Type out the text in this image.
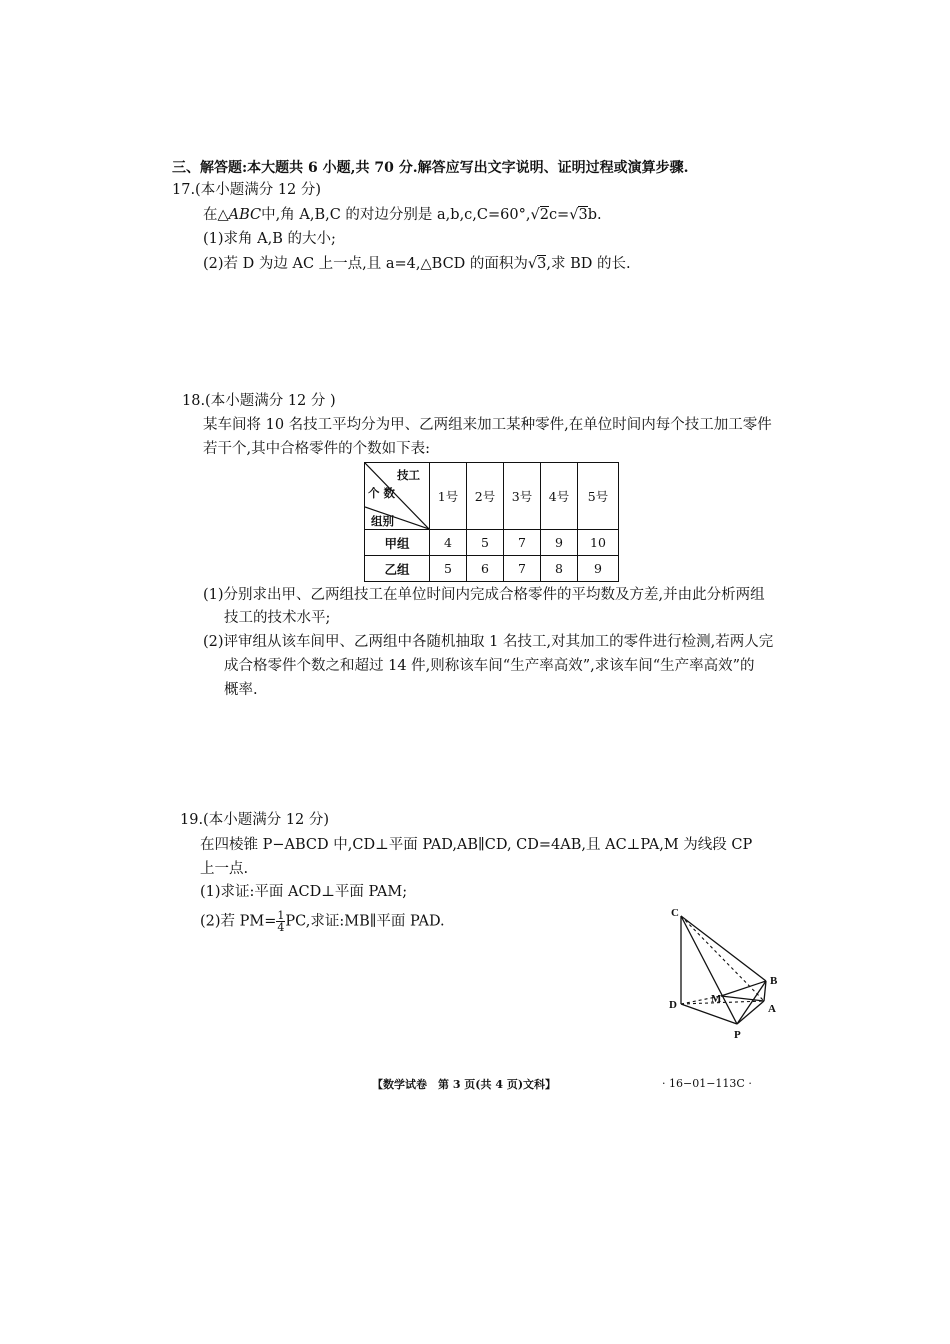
三、解答题:本大题共 6 小题,共 70 分.解答应写出文字说明、证明过程或演算步骤.
17.(本小题满分 12 分)
在△ABC中,角 A,B,C 的对边分别是 a,b,c,C=60°,√2c=√3b.
(1)求角 A,B 的大小;
(2)若 D 为边 AC 上一点,且 a=4,△BCD 的面积为√3,求 BD 的长.
18.(本小题满分 12 分 )
某车间将 10 名技工平均分为甲、乙两组来加工某种零件,在单位时间内每个技工加工零件
若干个,其中合格零件的个数如下表:
技工
个 数
组别	1号	2号	3号	4号	5号
甲组	4	5	7	9	10
乙组	5	6	7	8	9
(1)分别求出甲、乙两组技工在单位时间内完成合格零件的平均数及方差,并由此分析两组
技工的技术水平;
(2)评审组从该车间甲、乙两组中各随机抽取 1 名技工,对其加工的零件进行检测,若两人完
成合格零件个数之和超过 14 件,则称该车间“生产率高效”,求该车间“生产率高效”的
概率.
19.(本小题满分 12 分)
在四棱锥 P−ABCD 中,CD⊥平面 PAD,AB∥CD, CD=4AB,且 AC⊥PA,M 为线段 CP
上一点.
(1)求证:平面 ACD⊥平面 PAM;
(2)若 $PM= \frac{1}{4}$ PC,求证:MB∥平面 PAD.
C
B
D	M
A
P
【数学试卷　第 3 页(共 4 页)文科】	· 16−01−113C ·
